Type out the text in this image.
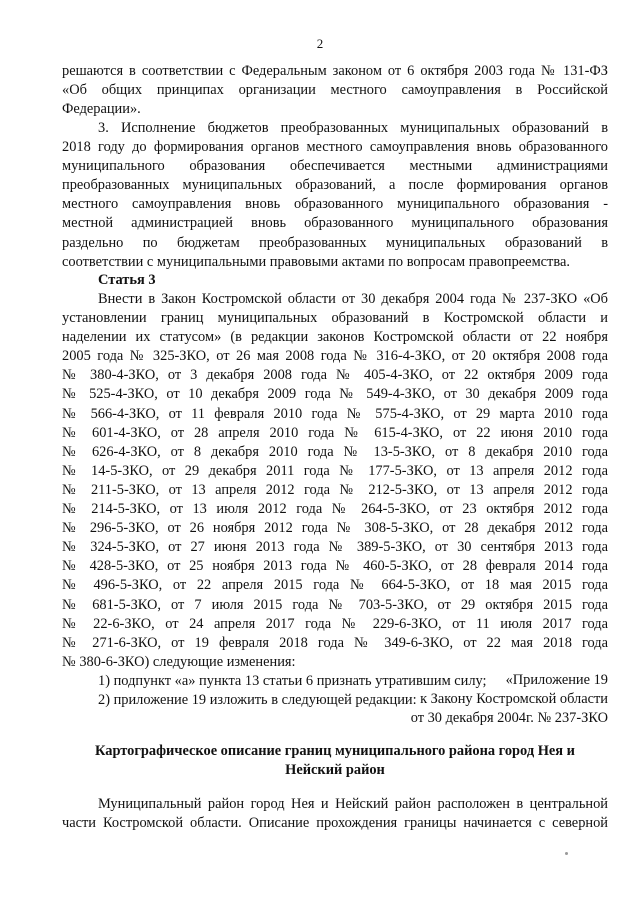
2
решаются в соответствии с Федеральным законом от 6 октября 2003 года № 131-ФЗ
«Об общих принципах организации местного самоуправления в Российской
Федерации».
3. Исполнение бюджетов преобразованных муниципальных образований в
2018 году до формирования органов местного самоуправления вновь образованного
муниципального образования обеспечивается местными администрациями
преобразованных муниципальных образований, а после формирования органов
местного самоуправления вновь образованного муниципального образования -
местной администрацией вновь образованного муниципального образования
раздельно по бюджетам преобразованных муниципальных образований в
соответствии с муниципальными правовыми актами по вопросам правопреемства.
Статья 3
Внести в Закон Костромской области от 30 декабря 2004 года № 237-ЗКО «Об
установлении границ муниципальных образований в Костромской области и
наделении их статусом» (в редакции законов Костромской области от 22 ноября
2005 года № 325-ЗКО, от 26 мая 2008 года № 316-4-ЗКО, от 20 октября 2008 года
№ 380-4-ЗКО, от 3 декабря 2008 года № 405-4-ЗКО, от 22 октября 2009 года
№ 525-4-ЗКО, от 10 декабря 2009 года № 549-4-ЗКО, от 30 декабря 2009 года
№ 566-4-ЗКО, от 11 февраля 2010 года № 575-4-ЗКО, от 29 марта 2010 года
№ 601-4-ЗКО, от 28 апреля 2010 года № 615-4-ЗКО, от 22 июня 2010 года
№ 626-4-ЗКО, от 8 декабря 2010 года № 13-5-ЗКО, от 8 декабря 2010 года
№ 14-5-ЗКО, от 29 декабря 2011 года № 177-5-ЗКО, от 13 апреля 2012 года
№ 211-5-ЗКО, от 13 апреля 2012 года № 212-5-ЗКО, от 13 апреля 2012 года
№ 214-5-ЗКО, от 13 июля 2012 года № 264-5-ЗКО, от 23 октября 2012 года
№ 296-5-ЗКО, от 26 ноября 2012 года № 308-5-ЗКО, от 28 декабря 2012 года
№ 324-5-ЗКО, от 27 июня 2013 года № 389-5-ЗКО, от 30 сентября 2013 года
№ 428-5-ЗКО, от 25 ноября 2013 года № 460-5-ЗКО, от 28 февраля 2014 года
№ 496-5-ЗКО, от 22 апреля 2015 года № 664-5-ЗКО, от 18 мая 2015 года
№ 681-5-ЗКО, от 7 июля 2015 года № 703-5-ЗКО, от 29 октября 2015 года
№ 22-6-ЗКО, от 24 апреля 2017 года № 229-6-ЗКО, от 11 июля 2017 года
№ 271-6-ЗКО, от 19 февраля 2018 года № 349-6-ЗКО, от 22 мая 2018 года
№ 380-6-ЗКО) следующие изменения:
1) подпункт «а» пункта 13 статьи 6 признать утратившим силу;
2) приложение 19 изложить в следующей редакции:
«Приложение 19
к Закону Костромской области
от 30 декабря 2004г. № 237-ЗКО
Картографическое описание границ муниципального района город Нея и
Нейский район
Муниципальный район город Нея и Нейский район расположен в центральной
части Костромской области. Описание прохождения границы начинается с северной
